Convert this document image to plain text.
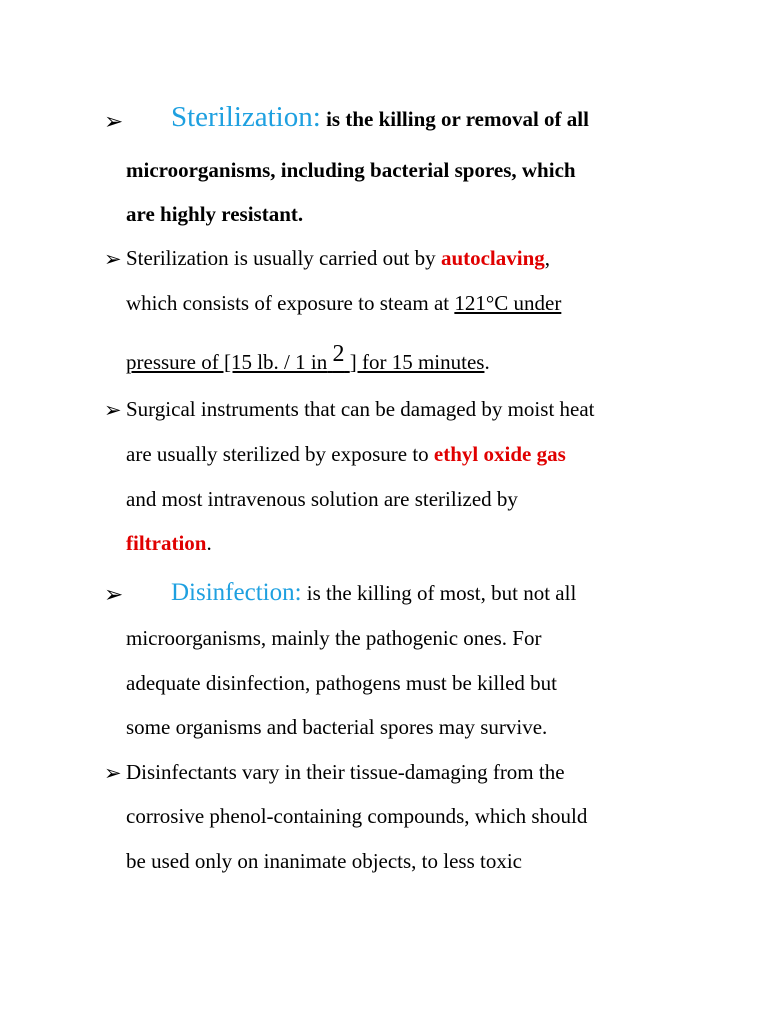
➢ Sterilization: is the killing or removal of all
microorganisms, including bacterial spores, which
are highly resistant.
➢ Sterilization is usually carried out by autoclaving,
which consists of exposure to steam at 121°C under
pressure of [15 lb. / 1 in 2 ] for 15 minutes.
➢ Surgical instruments that can be damaged by moist heat
are usually sterilized by exposure to ethyl oxide gas
and most intravenous solution are sterilized by
filtration.
➢ Disinfection: is the killing of most, but not all
microorganisms, mainly the pathogenic ones. For
adequate disinfection, pathogens must be killed but
some organisms and bacterial spores may survive.
➢ Disinfectants vary in their tissue-damaging from the
corrosive phenol-containing compounds, which should
be used only on inanimate objects, to less toxic
